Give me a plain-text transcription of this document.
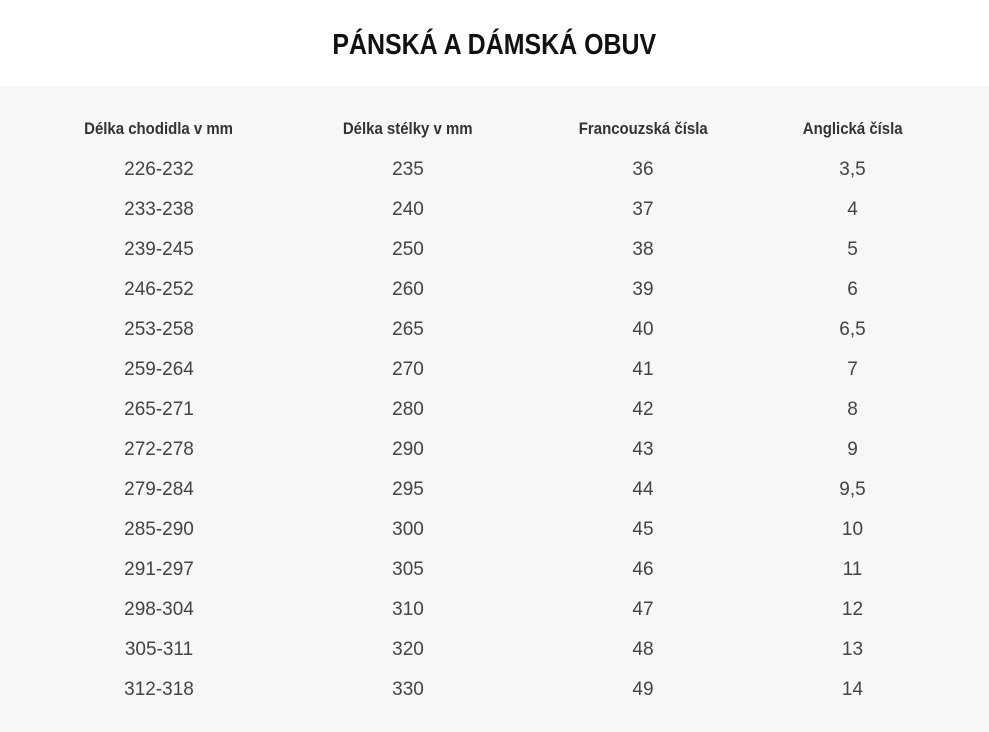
PÁNSKÁ A DÁMSKÁ OBUV
Délka chodidla v mm	Délka stélky v mm	Francouzská čísla	Anglická čísla
226-232	235	36	3,5
233-238	240	37	4
239-245	250	38	5
246-252	260	39	6
253-258	265	40	6,5
259-264	270	41	7
265-271	280	42	8
272-278	290	43	9
279-284	295	44	9,5
285-290	300	45	10
291-297	305	46	11
298-304	310	47	12
305-311	320	48	13
312-318	330	49	14
